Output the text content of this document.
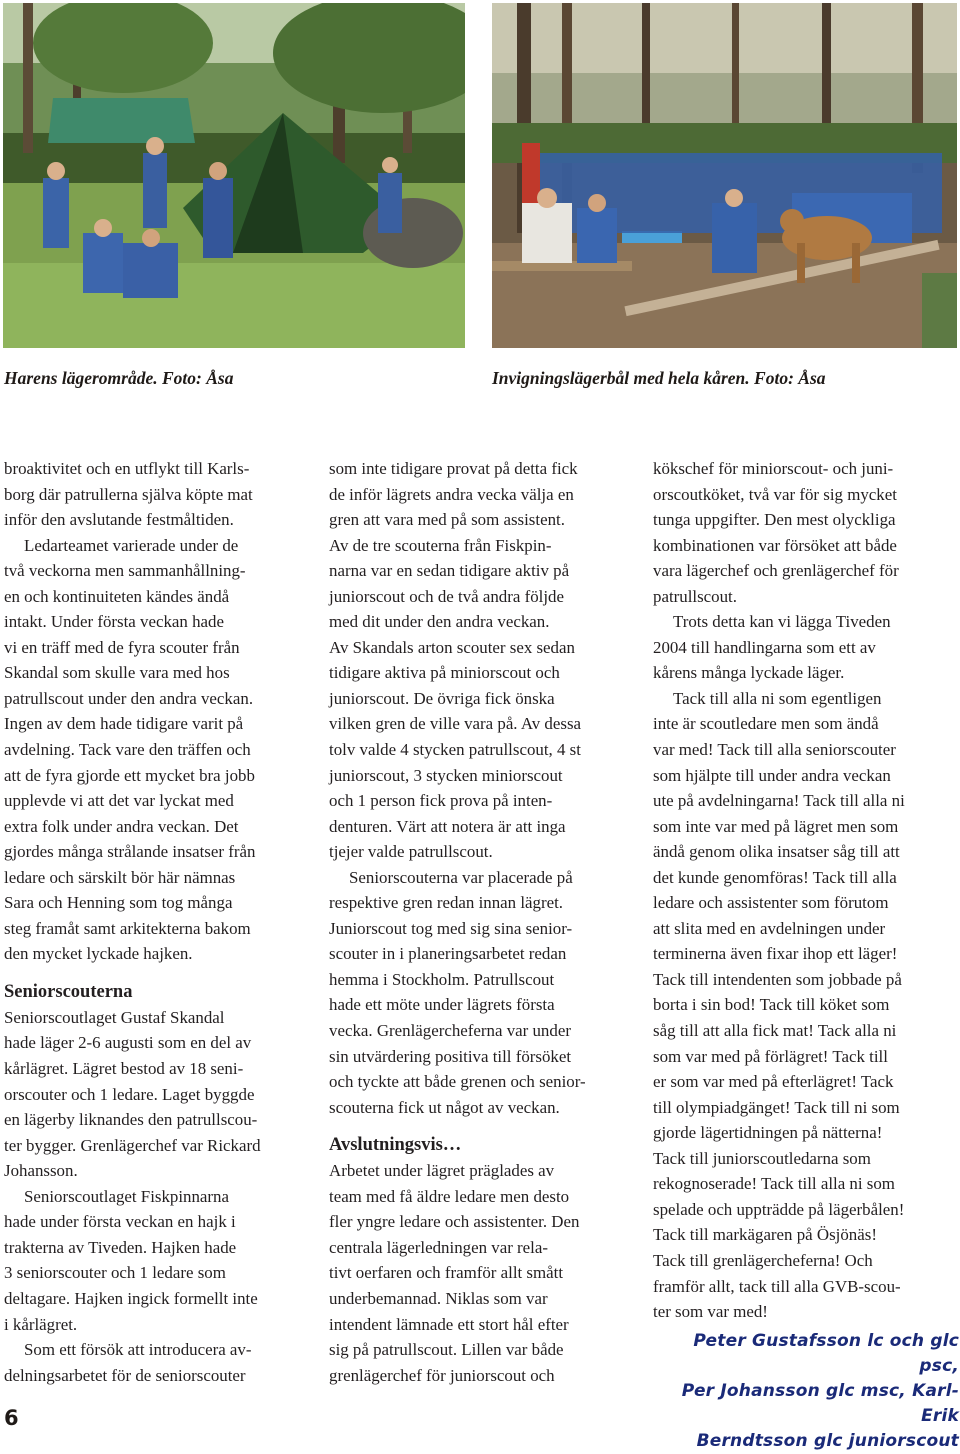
Harens lägerområde. Foto: Åsa	Invigningslägerbål med hela kåren. Foto: Åsa

broaktivitet och en utflykt till Karls-
borg där patrullerna själva köpte mat
inför den avslutande festmåltiden.

Ledarteamet varierade under de
två veckorna men sammanhållning-
en och kontinuiteten kändes ändå
intakt. Under första veckan hade
vi en träff med de fyra scouter från
Skandal som skulle vara med hos
patrullscout under den andra veckan.
Ingen av dem hade tidigare varit på
avdelning. Tack vare den träffen och
att de fyra gjorde ett mycket bra jobb
upplevde vi att det var lyckat med
extra folk under andra veckan. Det
gjordes många strålande insatser från
ledare och särskilt bör här nämnas
Sara och Henning som tog många
steg framåt samt arkitekterna bakom
den mycket lyckade hajken.

Seniorscouterna

Seniorscoutlaget Gustaf Skandal
hade läger 2-6 augusti som en del av
kårlägret. Lägret bestod av 18 seni-
orscouter och 1 ledare. Laget byggde
en lägerby liknandes den patrullscou-
ter bygger. Grenlägerchef var Rickard
Johansson.

Seniorscoutlaget Fiskpinnarna
hade under första veckan en hajk i
trakterna av Tiveden. Hajken hade
3 seniorscouter och 1 ledare som
deltagare. Hajken ingick formellt inte
i kårlägret.

Som ett försök att introducera av-
delningsarbetet för de seniorscouter

som inte tidigare provat på detta fick
de inför lägrets andra vecka välja en
gren att vara med på som assistent.
Av de tre scouterna från Fiskpin-
narna var en sedan tidigare aktiv på
juniorscout och de två andra följde
med dit under den andra veckan.
Av Skandals arton scouter sex sedan
tidigare aktiva på miniorscout och
juniorscout. De övriga fick önska
vilken gren de ville vara på. Av dessa
tolv valde 4 stycken patrullscout, 4 st
juniorscout, 3 stycken miniorscout
och 1 person fick prova på inten-
denturen. Värt att notera är att inga
tjejer valde patrullscout.

Seniorscouterna var placerade på
respektive gren redan innan lägret.
Juniorscout tog med sig sina senior-
scouter in i planeringsarbetet redan
hemma i Stockholm. Patrullscout
hade ett möte under lägrets första
vecka. Grenlägercheferna var under
sin utvärdering positiva till försöket
och tyckte att både grenen och senior-
scouterna fick ut något av veckan.

Avslutningsvis…

Arbetet under lägret präglades av
team med få äldre ledare men desto
fler yngre ledare och assistenter. Den
centrala lägerledningen var rela-
tivt oerfaren och framför allt smått
underbemannad. Niklas som var
intendent lämnade ett stort hål efter
sig på patrullscout. Lillen var både
grenlägerchef för juniorscout och

kökschef för miniorscout- och juni-
orscoutköket, två var för sig mycket
tunga uppgifter. Den mest olyckliga
kombinationen var försöket att både
vara lägerchef och grenlägerchef för
patrullscout.

Trots detta kan vi lägga Tiveden
2004 till handlingarna som ett av
kårens många lyckade läger.

Tack till alla ni som egentligen
inte är scoutledare men som ändå
var med! Tack till alla seniorscouter
som hjälpte till under andra veckan
ute på avdelningarna! Tack till alla ni
som inte var med på lägret men som
ändå genom olika insatser såg till att
det kunde genomföras! Tack till alla
ledare och assistenter som förutom
att slita med en avdelningen under
terminerna även fixar ihop ett läger!
Tack till intendenten som jobbade på
borta i sin bod! Tack till köket som
såg till att alla fick mat! Tack alla ni
som var med på förlägret! Tack till
er som var med på efterlägret! Tack
till olympiadgänget! Tack till ni som
gjorde lägertidningen på nätterna!
Tack till juniorscoutledarna som
rekognoserade! Tack till alla ni som
spelade och uppträdde på lägerbålen!
Tack till markägaren på Ösjönäs!
Tack till grenlägercheferna! Och
framför allt, tack till alla GVB-scou-
ter som var med!

Peter Gustafsson lc och glc psc,
Per Johansson glc msc, Karl-Erik
Berndtsson glc juniorscout
6
